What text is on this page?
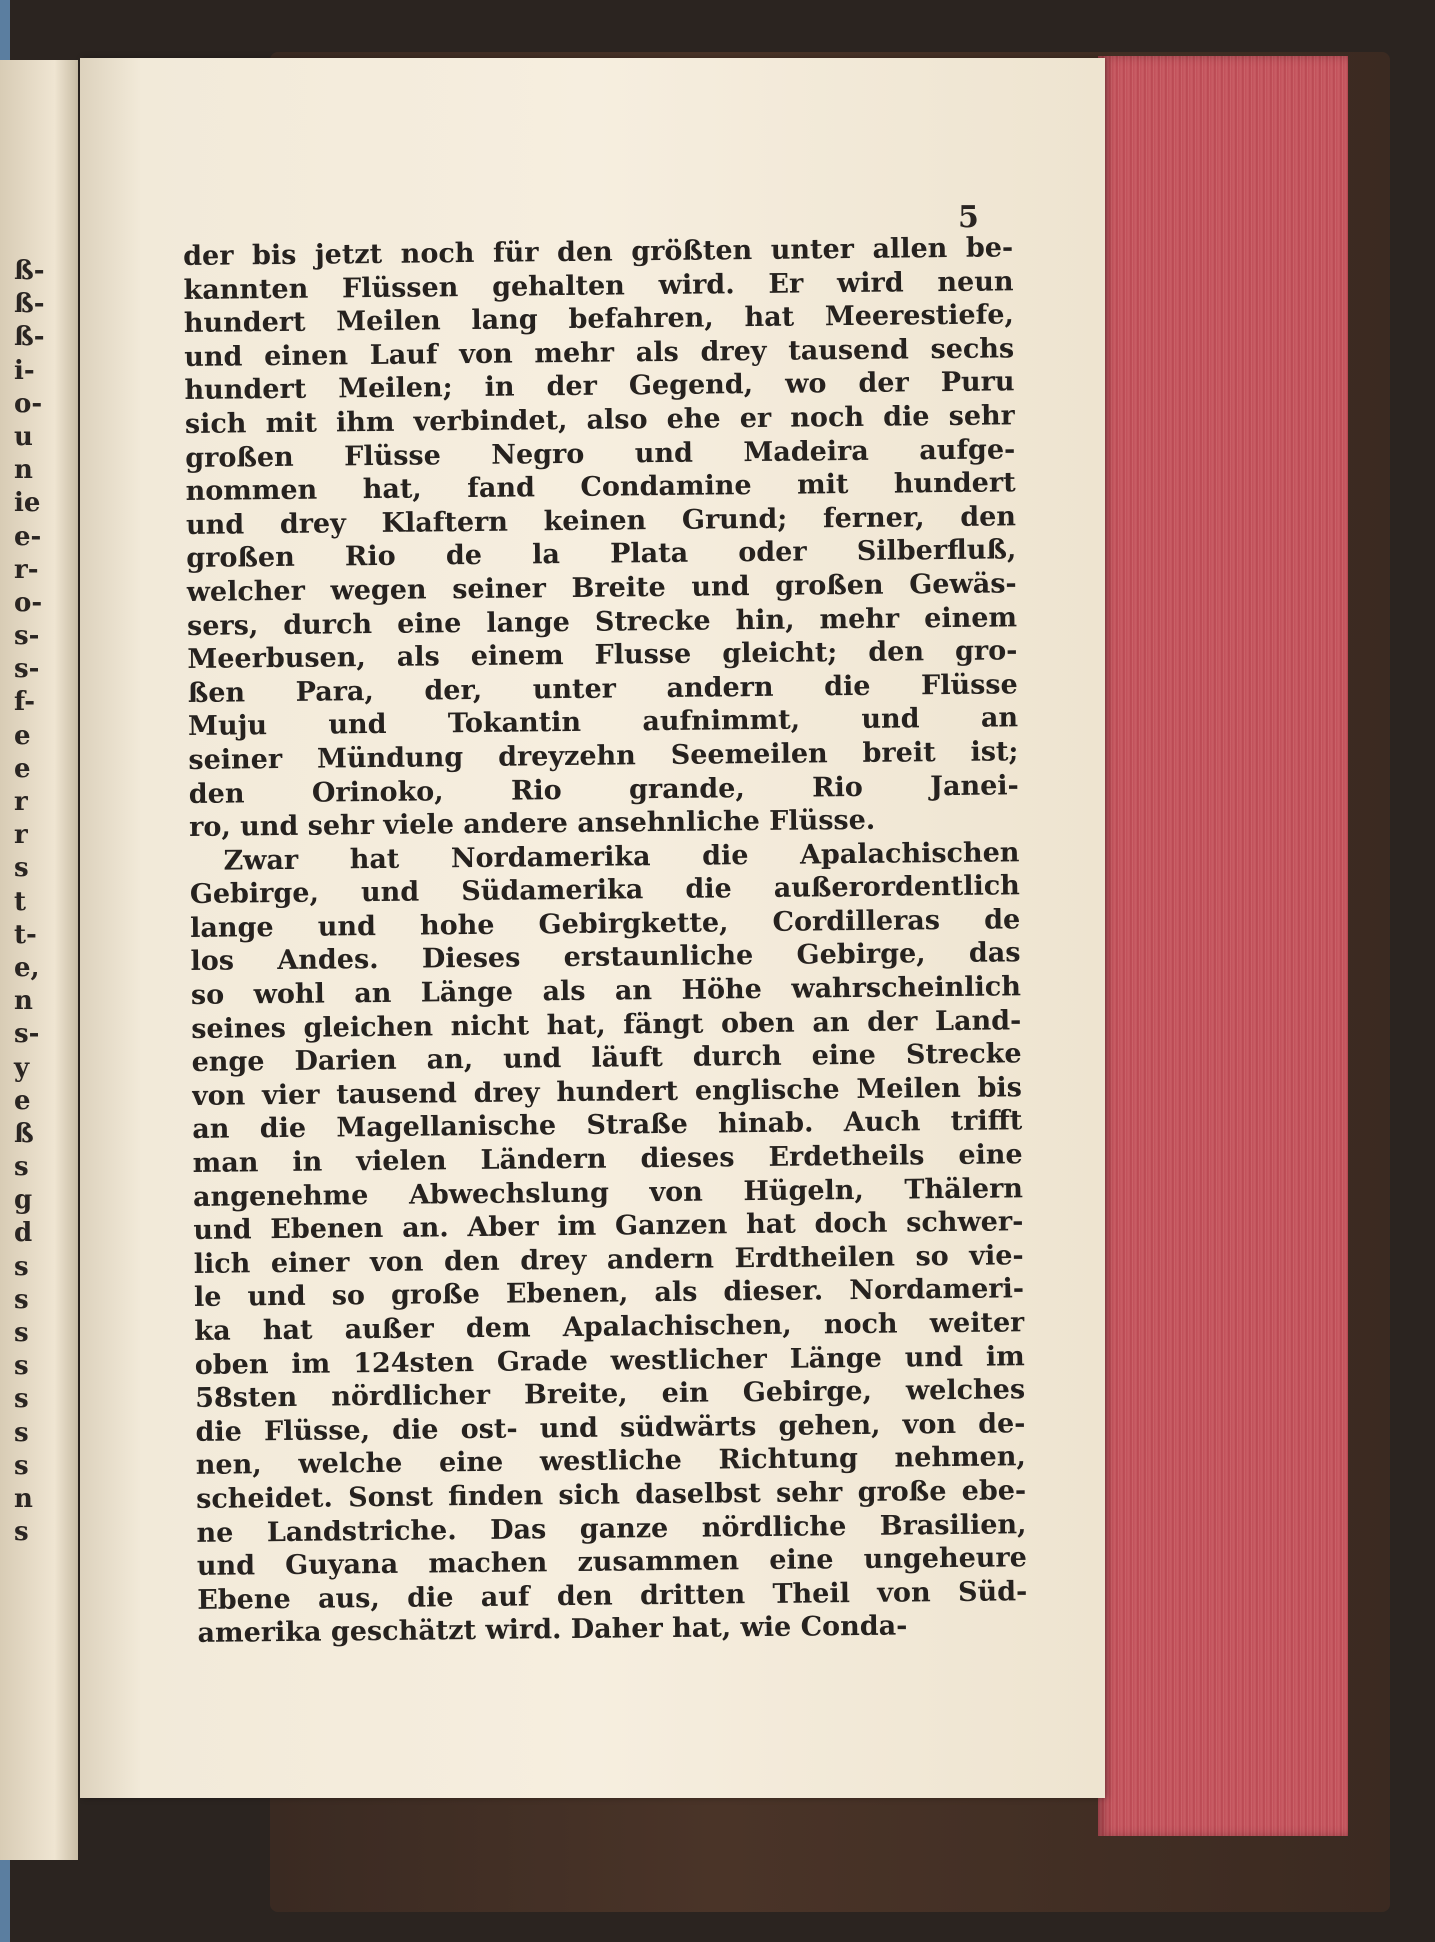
ß-
ß-
ß-
i-
o-
u
n
ie
e-
r-
o-
s-
s-
f-
e
e
r
r
s
t
t-
e,
n
s-
y
e
ß
s
g
d
s
s
s
s
s
s
s
n
s
5
der bis jetzt noch für den größten unter allen be-
kannten Flüssen gehalten wird. Er wird neun
hundert Meilen lang befahren, hat Meerestiefe,
und einen Lauf von mehr als drey tausend sechs
hundert Meilen; in der Gegend, wo der Puru
sich mit ihm verbindet, also ehe er noch die sehr
großen Flüsse Negro und Madeira aufge-
nommen hat, fand Condamine mit hundert
und drey Klaftern keinen Grund; ferner, den
großen Rio de la Plata oder Silberfluß,
welcher wegen seiner Breite und großen Gewäs-
sers, durch eine lange Strecke hin, mehr einem
Meerbusen, als einem Flusse gleicht; den gro-
ßen Para, der, unter andern die Flüsse
Muju und Tokantin aufnimmt, und an
seiner Mündung dreyzehn Seemeilen breit ist;
den Orinoko, Rio grande, Rio Janei-
ro, und sehr viele andere ansehnliche Flüsse.
Zwar hat Nordamerika die Apalachischen
Gebirge, und Südamerika die außerordentlich
lange und hohe Gebirgkette, Cordilleras de
los Andes. Dieses erstaunliche Gebirge, das
so wohl an Länge als an Höhe wahrscheinlich
seines gleichen nicht hat, fängt oben an der Land-
enge Darien an, und läuft durch eine Strecke
von vier tausend drey hundert englische Meilen bis
an die Magellanische Straße hinab. Auch trifft
man in vielen Ländern dieses Erdetheils eine
angenehme Abwechslung von Hügeln, Thälern
und Ebenen an. Aber im Ganzen hat doch schwer-
lich einer von den drey andern Erdtheilen so vie-
le und so große Ebenen, als dieser. Nordameri-
ka hat außer dem Apalachischen, noch weiter
oben im 124sten Grade westlicher Länge und im
58sten nördlicher Breite, ein Gebirge, welches
die Flüsse, die ost- und südwärts gehen, von de-
nen, welche eine westliche Richtung nehmen,
scheidet. Sonst finden sich daselbst sehr große ebe-
ne Landstriche. Das ganze nördliche Brasilien,
und Guyana machen zusammen eine ungeheure
Ebene aus, die auf den dritten Theil von Süd-
amerika geschätzt wird. Daher hat, wie Conda-
